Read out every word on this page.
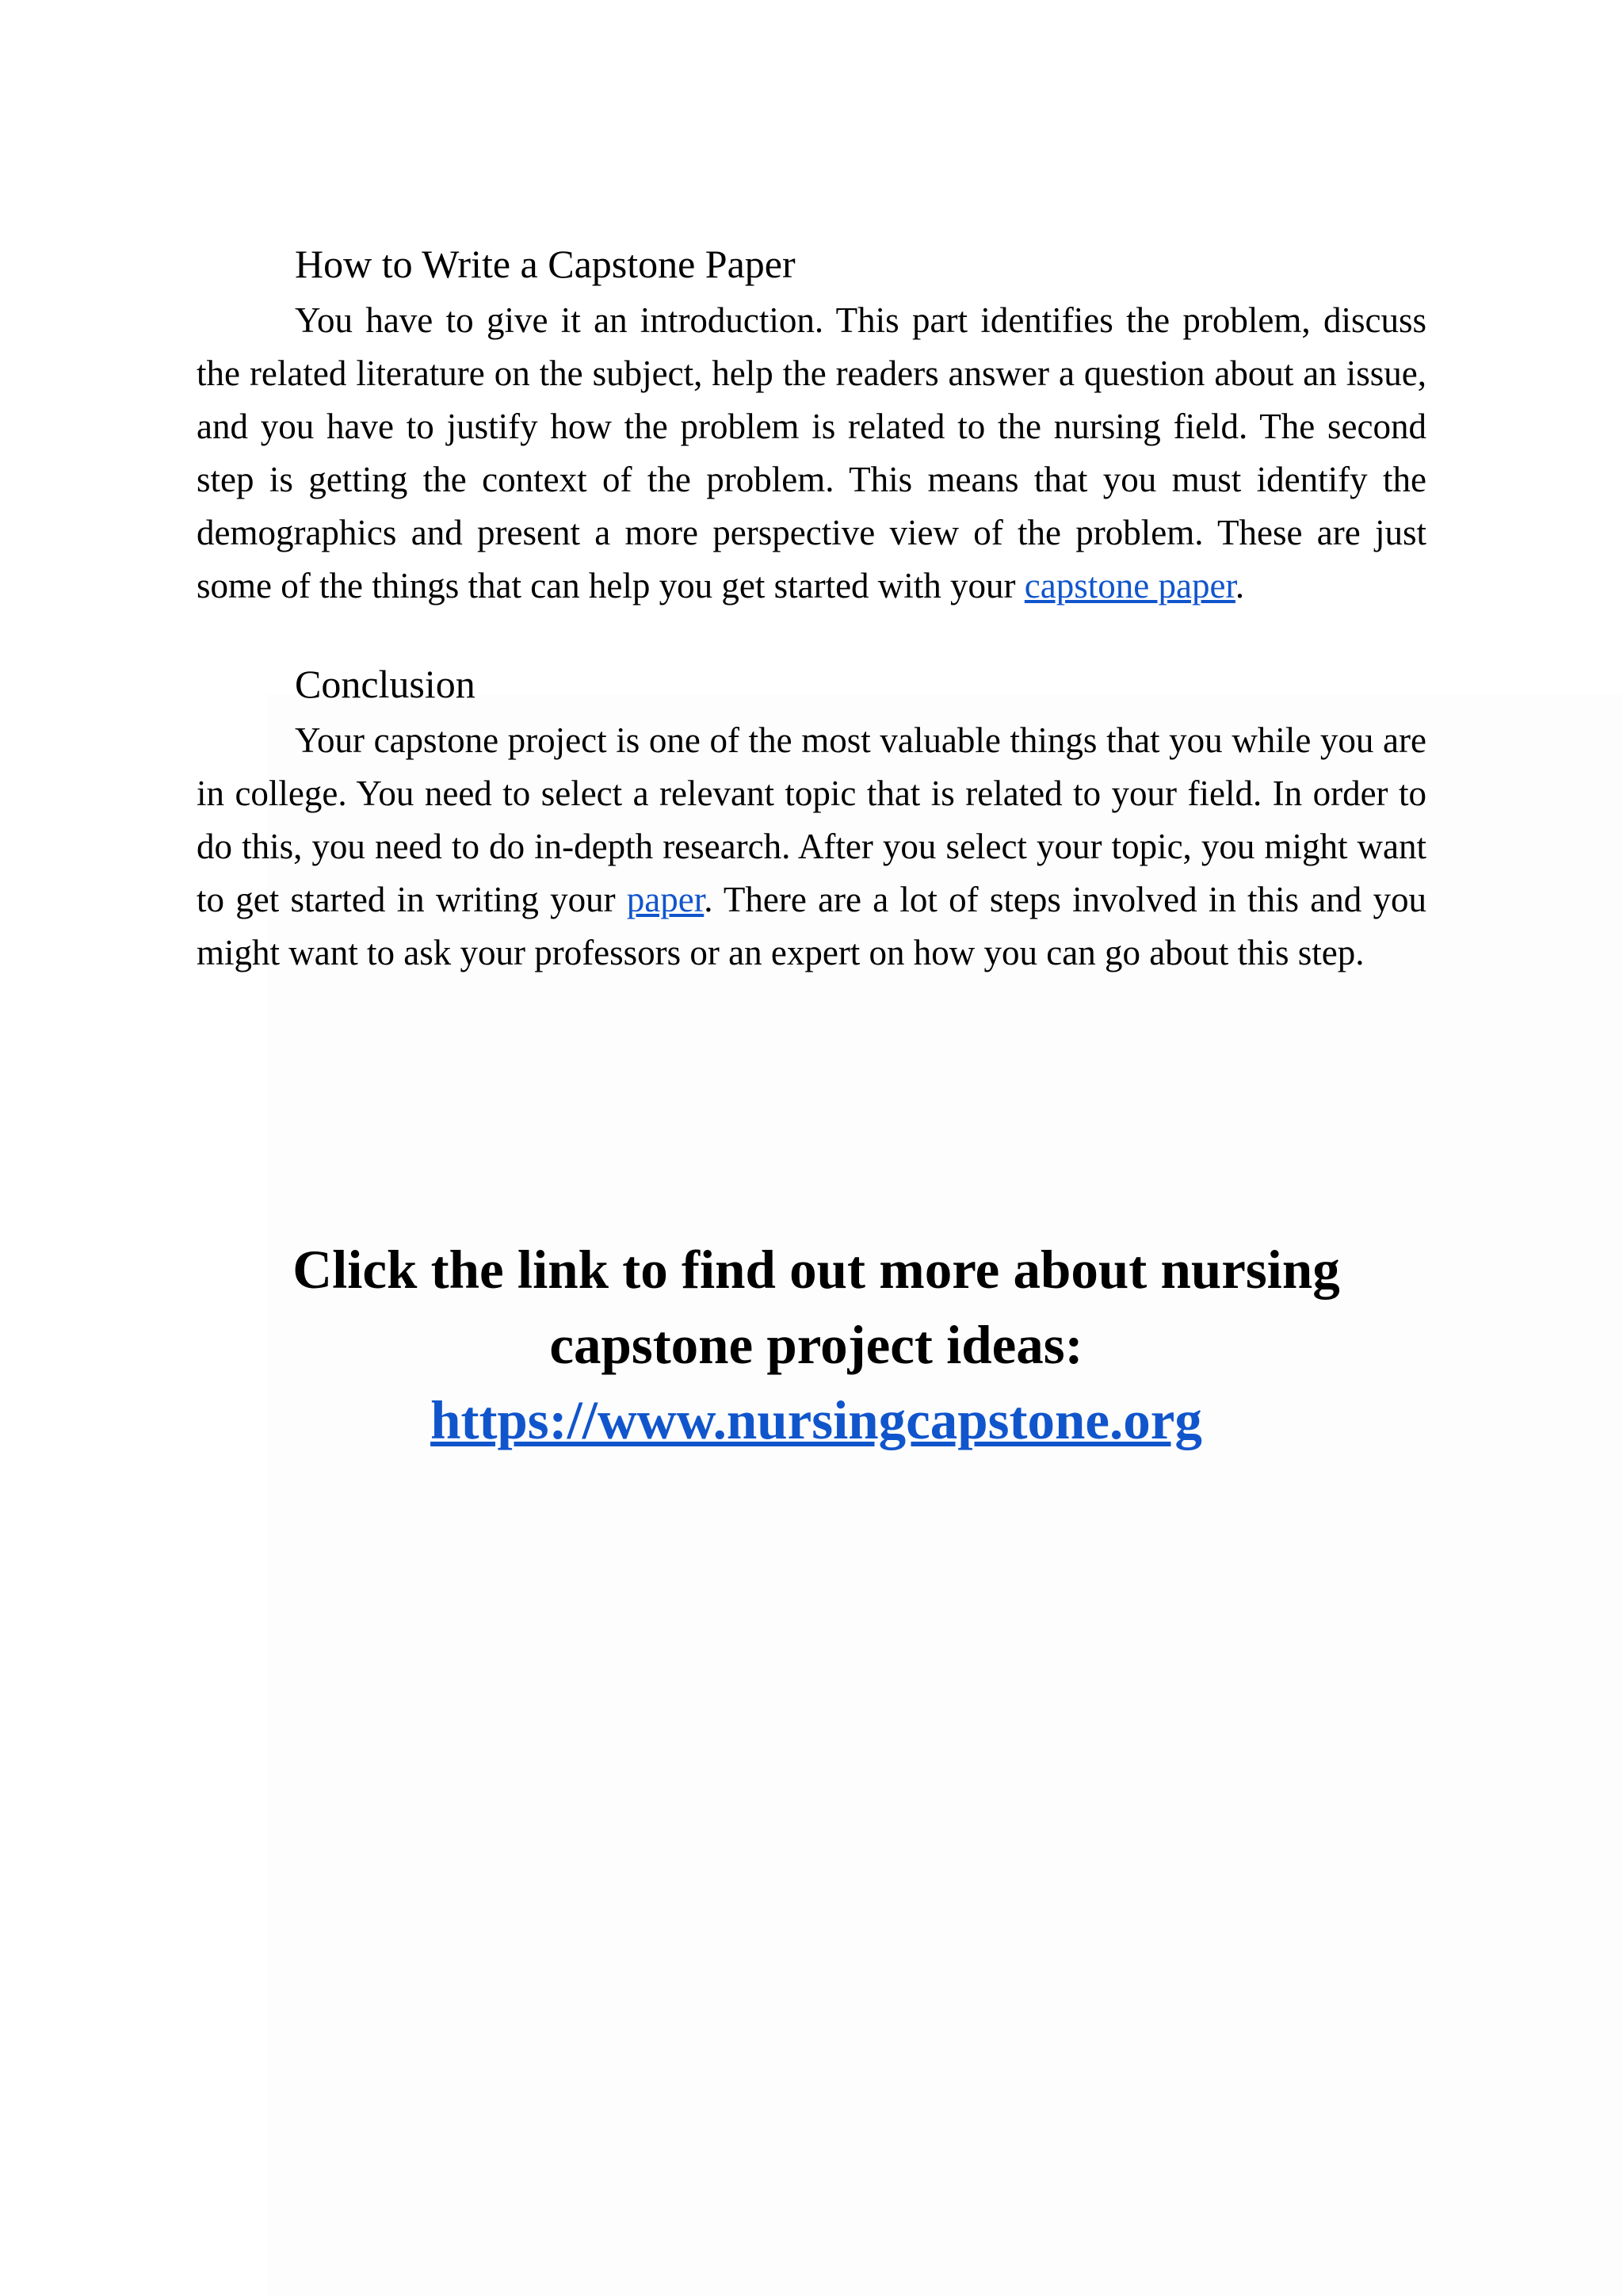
How to Write a Capstone Paper

You have to give it an introduction. This part identifies the problem, discuss the related literature on the subject, help the readers answer a question about an issue, and you have to justify how the problem is related to the nursing field. The second step is getting the context of the problem. This means that you must identify the demographics and present a more perspective view of the problem. These are just some of the things that can help you get started with your capstone paper.

Conclusion

Your capstone project is one of the most valuable things that you while you are in college. You need to select a relevant topic that is related to your field. In order to do this, you need to do in-depth research. After you select your topic, you might want to get started in writing your paper. There are a lot of steps involved in this and you might want to ask your professors or an expert on how you can go about this step.

Click the link to find out more about nursing capstone project ideas:

https://www.nursingcapstone.org
